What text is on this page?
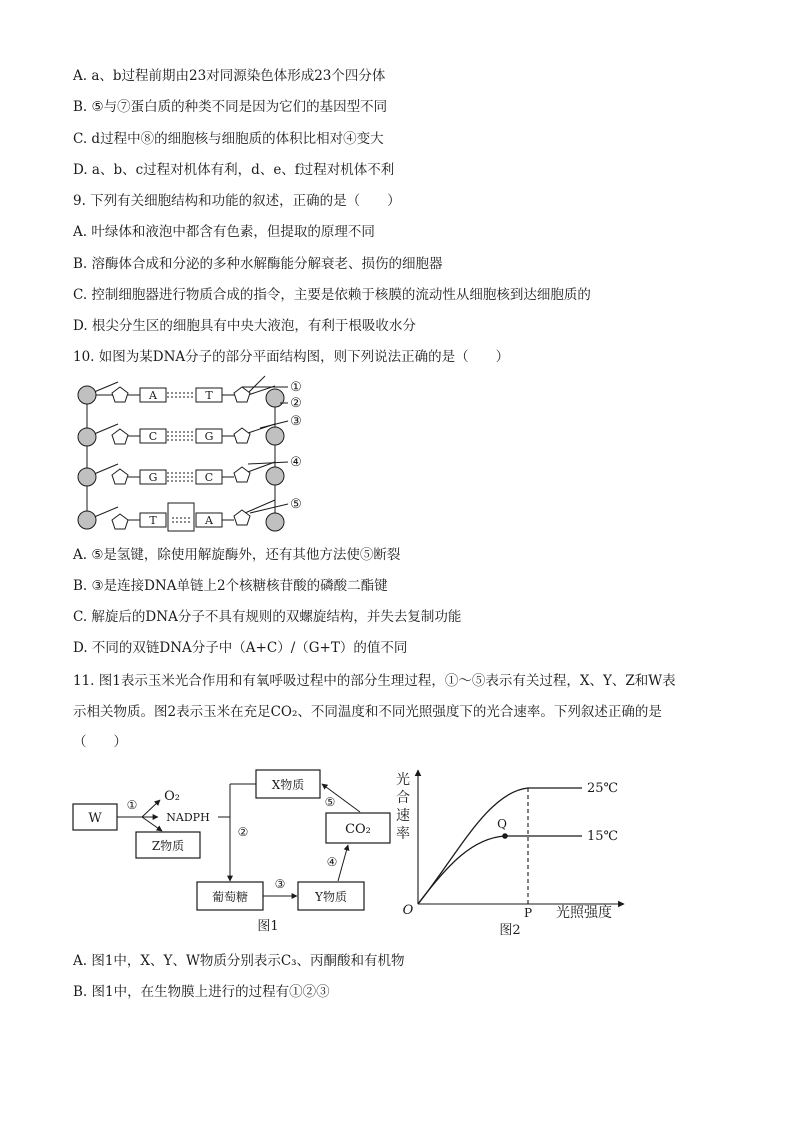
A. a、b过程前期由23对同源染色体形成23个四分体
B. ⑤与⑦蛋白质的种类不同是因为它们的基因型不同
C. d过程中⑧的细胞核与细胞质的体积比相对④变大
D. a、b、c过程对机体有利，d、e、f过程对机体不利
9. 下列有关细胞结构和功能的叙述，正确的是（　　）
A. 叶绿体和液泡中都含有色素，但提取的原理不同
B. 溶酶体合成和分泌的多种水解酶能分解衰老、损伤的细胞器
C. 控制细胞器进行物质合成的指令，主要是依赖于核膜的流动性从细胞核到达细胞质的
D. 根尖分生区的细胞具有中央大液泡，有利于根吸收水分
10. 如图为某DNA分子的部分平面结构图，则下列说法正确的是（　　）
A
C
G
T
T
G
C
A
①
②
③
④
⑤
A. ⑤是氢键，除使用解旋酶外，还有其他方法使⑤断裂
B. ③是连接DNA单链上2个核糖核苷酸的磷酸二酯键
C. 解旋后的DNA分子不具有规则的双螺旋结构，并失去复制功能
D. 不同的双链DNA分子中（A+C）/（G+T）的值不同
11. 图1表示玉米光合作用和有氧呼吸过程中的部分生理过程，①～⑤表示有关过程，X、Y、Z和W表
示相关物质。图2表示玉米在充足CO₂、不同温度和不同光照强度下的光合速率。下列叙述正确的是
（　　）
W
①
O₂
NADPH
Z物质
②
X物质
⑤
CO₂
④
葡萄糖
③
Y物质
图1
光
合
速
率
O	P
Q
25℃
15℃
光照强度
图2
A. 图1中，X、Y、W物质分别表示C₃、丙酮酸和有机物
B. 图1中，在生物膜上进行的过程有①②③
